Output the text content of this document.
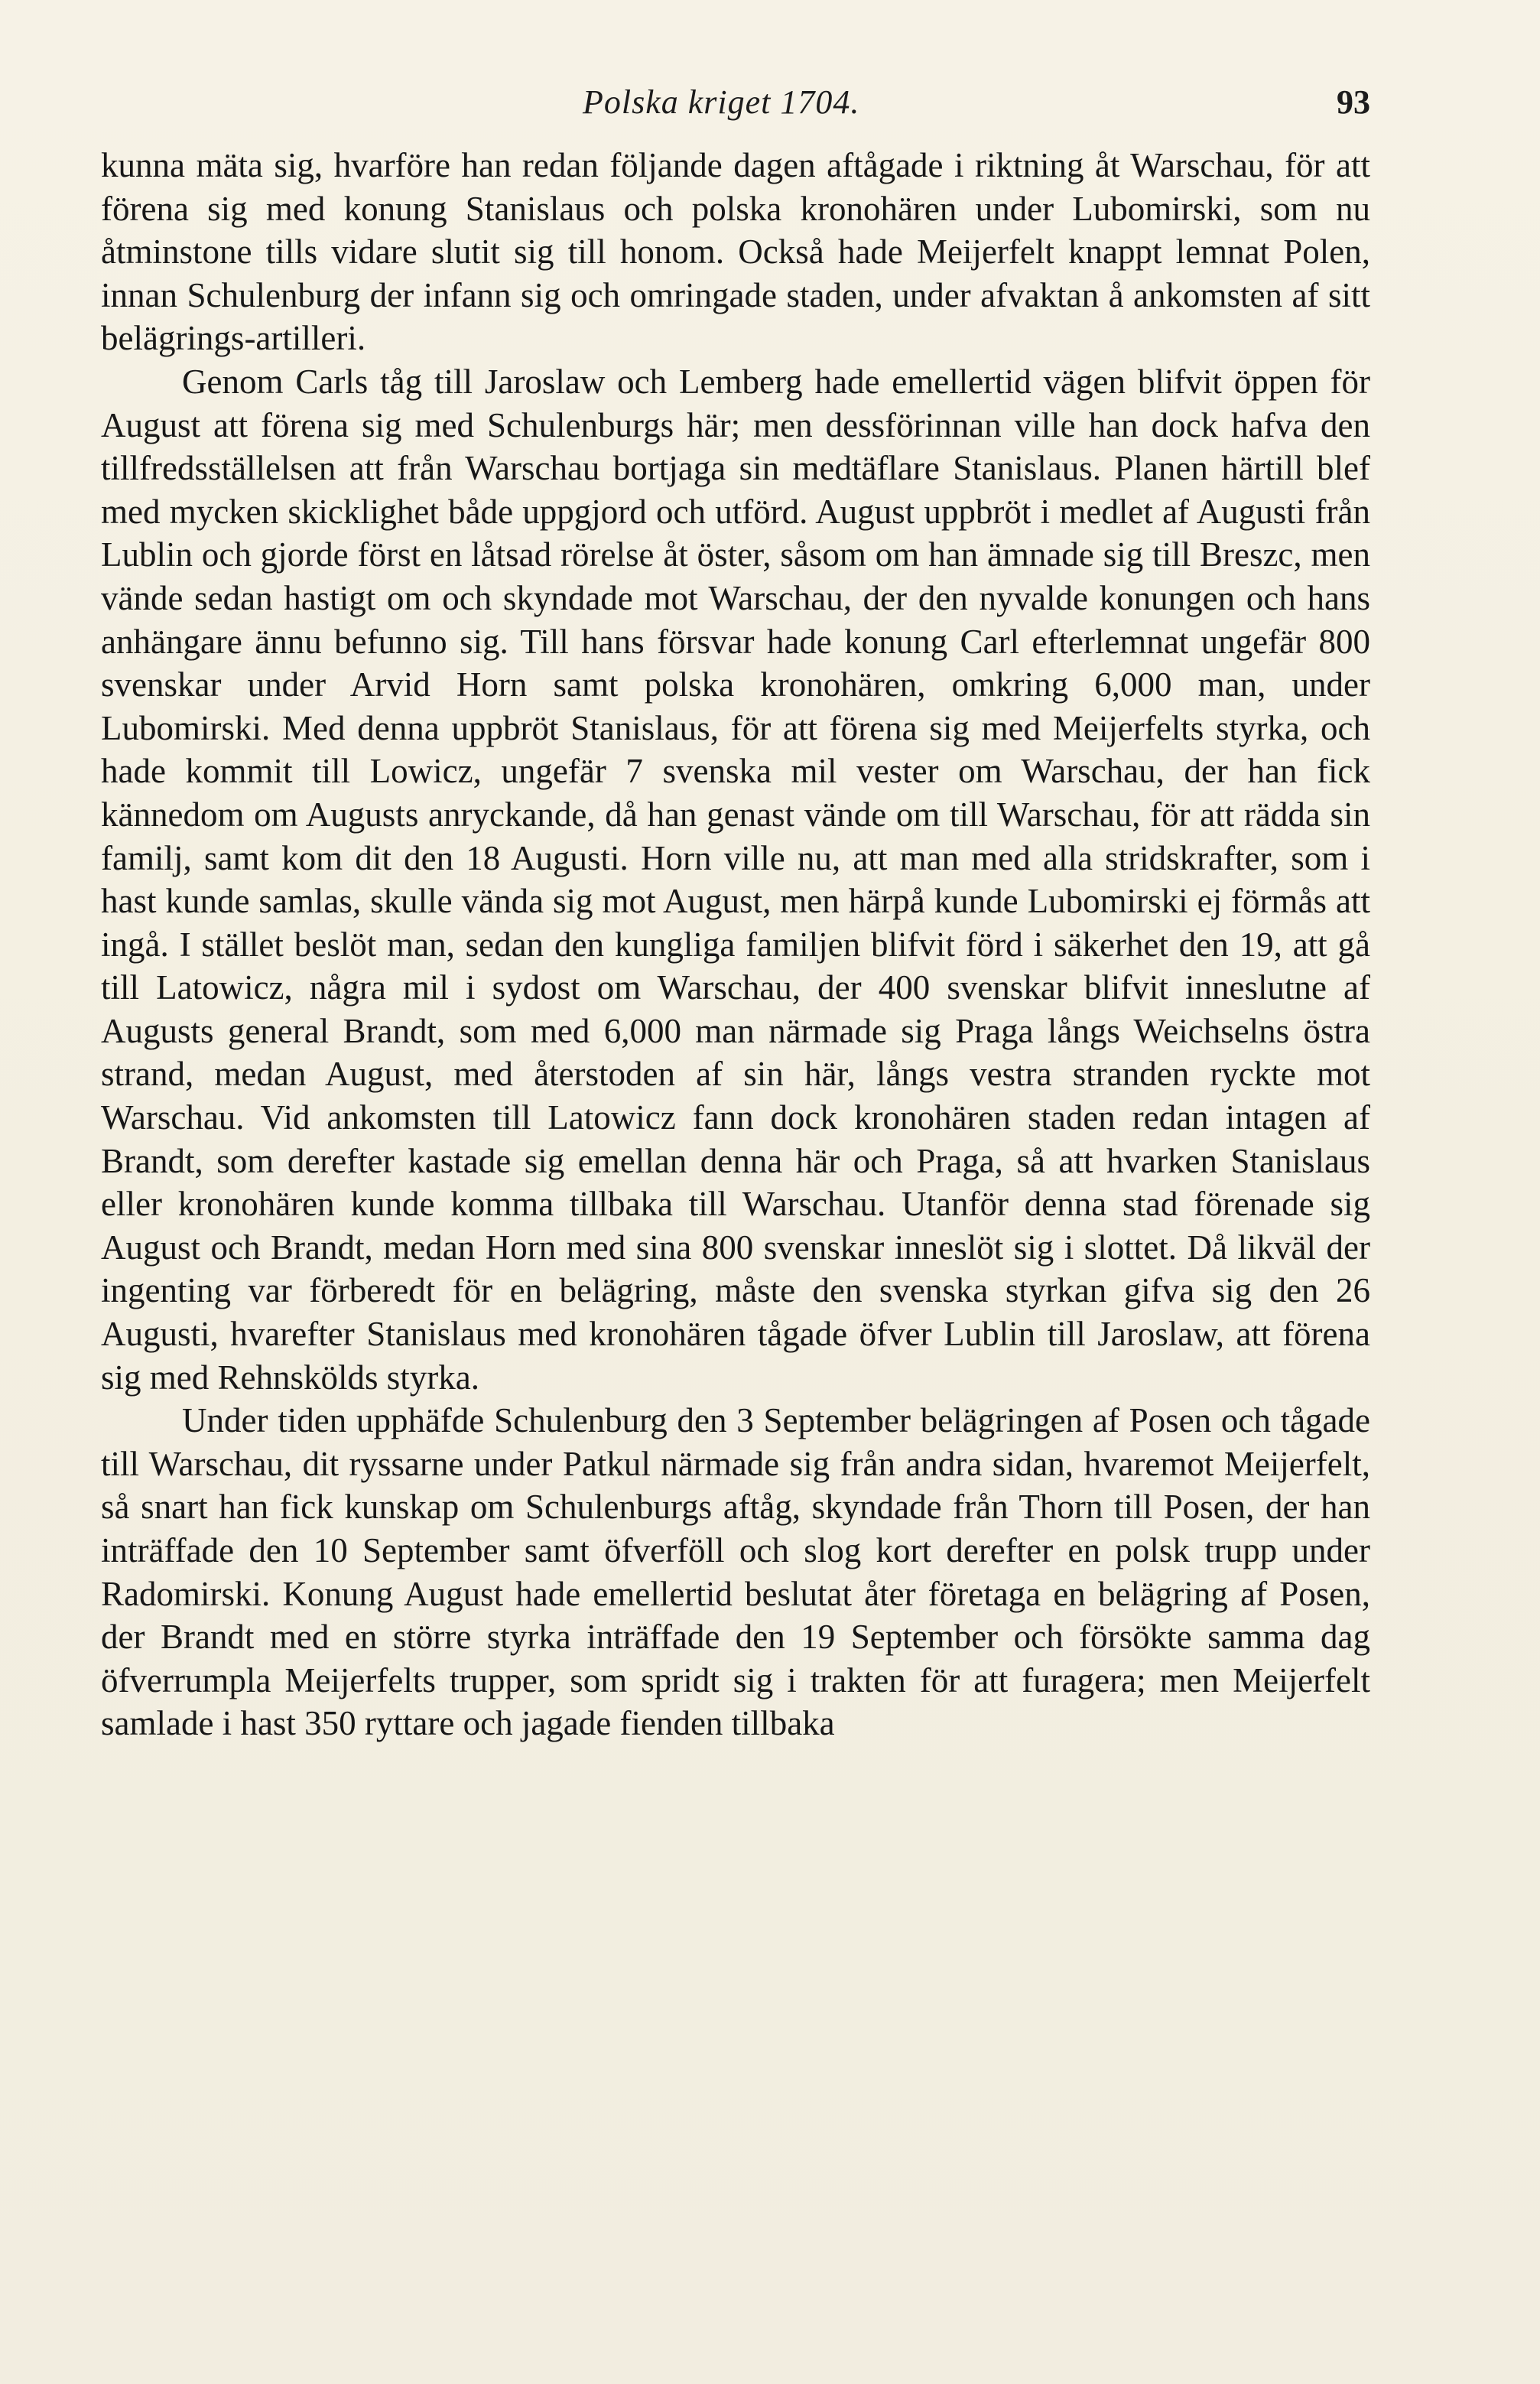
Polska kriget 1704.	93

kunna mäta sig, hvarföre han redan följande dagen aftågade i riktning åt Warschau, för att förena sig med konung Stanislaus och polska kronohären under Lubomirski, som nu åtminstone tills vidare slutit sig till honom. Också hade Meijerfelt knappt lemnat Polen, innan Schulenburg der infann sig och omringade staden, under afvaktan å ankomsten af sitt belägrings-artilleri.

Genom Carls tåg till Jaroslaw och Lemberg hade emellertid vägen blifvit öppen för August att förena sig med Schulenburgs här; men dessförinnan ville han dock hafva den tillfredsställelsen att från Warschau bortjaga sin medtäflare Stanislaus. Planen härtill blef med mycken skicklighet både uppgjord och utförd. August uppbröt i medlet af Augusti från Lublin och gjorde först en låtsad rörelse åt öster, såsom om han ämnade sig till Breszc, men vände sedan hastigt om och skyndade mot Warschau, der den nyvalde konungen och hans anhängare ännu befunno sig. Till hans försvar hade konung Carl efterlemnat ungefär 800 svenskar under Arvid Horn samt polska kronohären, omkring 6,000 man, under Lubomirski. Med denna uppbröt Stanislaus, för att förena sig med Meijerfelts styrka, och hade kommit till Lowicz, ungefär 7 svenska mil vester om Warschau, der han fick kännedom om Augusts anryckande, då han genast vände om till Warschau, för att rädda sin familj, samt kom dit den 18 Augusti. Horn ville nu, att man med alla stridskrafter, som i hast kunde samlas, skulle vända sig mot August, men härpå kunde Lubomirski ej förmås att ingå. I stället beslöt man, sedan den kungliga familjen blifvit förd i säkerhet den 19, att gå till Latowicz, några mil i sydost om Warschau, der 400 svenskar blifvit inneslutne af Augusts general Brandt, som med 6,000 man närmade sig Praga långs Weichselns östra strand, medan August, med återstoden af sin här, långs vestra stranden ryckte mot Warschau. Vid ankomsten till Latowicz fann dock kronohären staden redan intagen af Brandt, som derefter kastade sig emellan denna här och Praga, så att hvarken Stanislaus eller kronohären kunde komma tillbaka till Warschau. Utanför denna stad förenade sig August och Brandt, medan Horn med sina 800 svenskar inneslöt sig i slottet. Då likväl der ingenting var förberedt för en belägring, måste den svenska styrkan gifva sig den 26 Augusti, hvarefter Stanislaus med kronohären tågade öfver Lublin till Jaroslaw, att förena sig med Rehnskölds styrka.

Under tiden upphäfde Schulenburg den 3 September belägringen af Posen och tågade till Warschau, dit ryssarne under Patkul närmade sig från andra sidan, hvaremot Meijerfelt, så snart han fick kunskap om Schulenburgs aftåg, skyndade från Thorn till Posen, der han inträffade den 10 September samt öfverföll och slog kort derefter en polsk trupp under Radomirski. Konung August hade emellertid beslutat åter företaga en belägring af Posen, der Brandt med en större styrka inträffade den 19 September och försökte samma dag öfverrumpla Meijerfelts trupper, som spridt sig i trakten för att furagera; men Meijerfelt samlade i hast 350 ryttare och jagade fienden tillbaka
